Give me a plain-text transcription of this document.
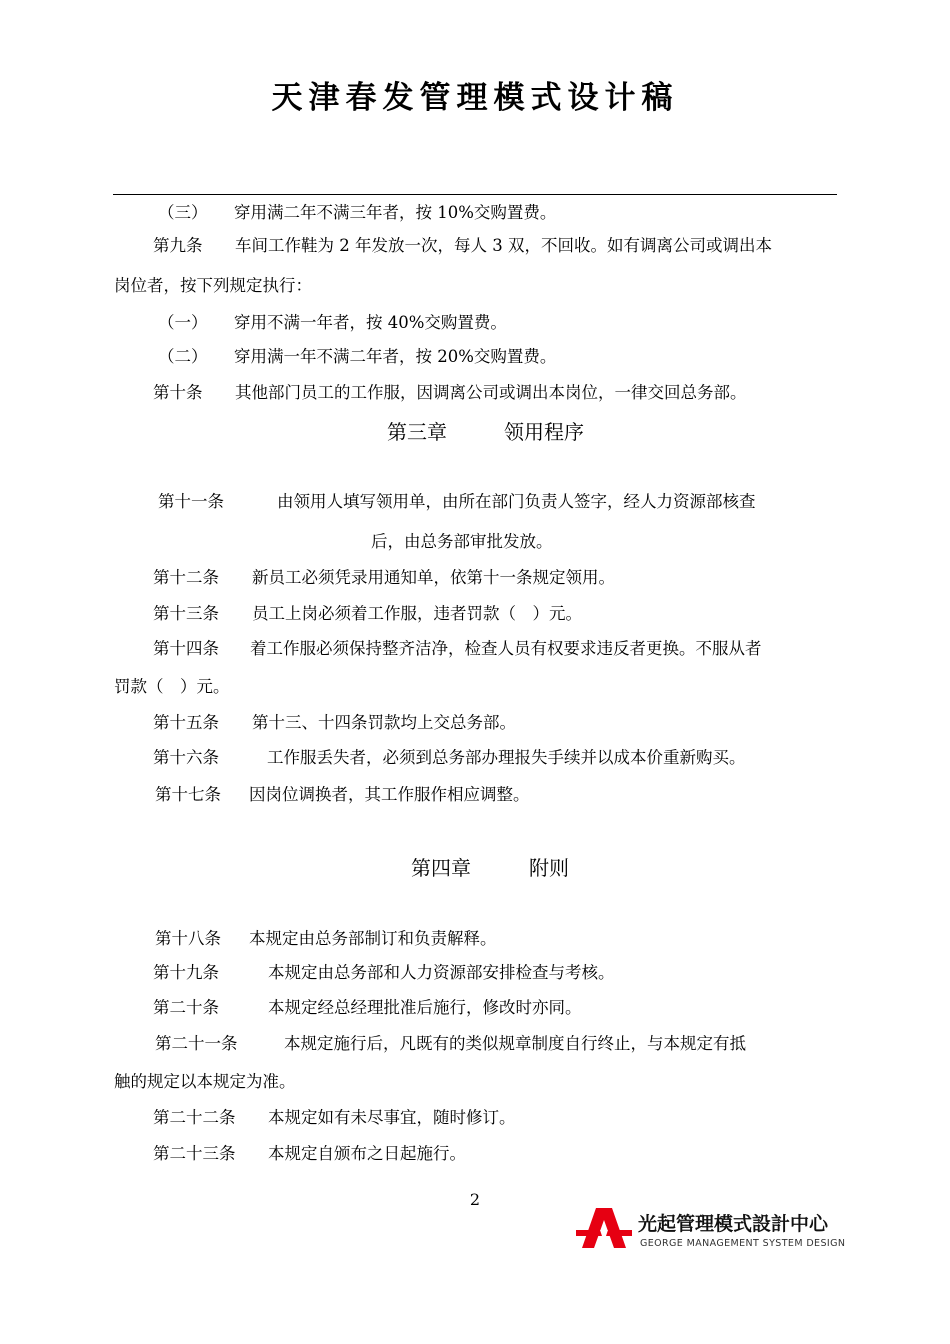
天津春发管理模式设计稿
（三） 穿用满二年不满三年者，按 10%交购置费。
第九条 车间工作鞋为 2 年发放一次，每人 3 双，不回收。如有调离公司或调出本
岗位者，按下列规定执行：
（一） 穿用不满一年者，按 40%交购置费。
（二） 穿用满一年不满二年者，按 20%交购置费。
第十条 其他部门员工的工作服，因调离公司或调出本岗位，一律交回总务部。
第三章	领用程序
第十一条	由领用人填写领用单，由所在部门负责人签字，经人力资源部核查
后，由总务部审批发放。
第十二条 新员工必须凭录用通知单，依第十一条规定领用。
第十三条 员工上岗必须着工作服，违者罚款（　）元。
第十四条 着工作服必须保持整齐洁净，检查人员有权要求违反者更换。不服从者
罚款（　）元。
第十五条 第十三、十四条罚款均上交总务部。
第十六条	工作服丢失者，必须到总务部办理报失手续并以成本价重新购买。
第十七条 因岗位调换者，其工作服作相应调整。
第四章	附则
第十八条 本规定由总务部制订和负责解释。
第十九条	本规定由总务部和人力资源部安排检查与考核。
第二十条	本规定经总经理批准后施行，修改时亦同。
第二十一条	本规定施行后，凡既有的类似规章制度自行终止，与本规定有抵
触的规定以本规定为准。
第二十二条 本规定如有未尽事宜，随时修订。
第二十三条 本规定自颁布之日起施行。
2
光起管理模式設計中心
GEORGE MANAGEMENT SYSTEM DESIGN
